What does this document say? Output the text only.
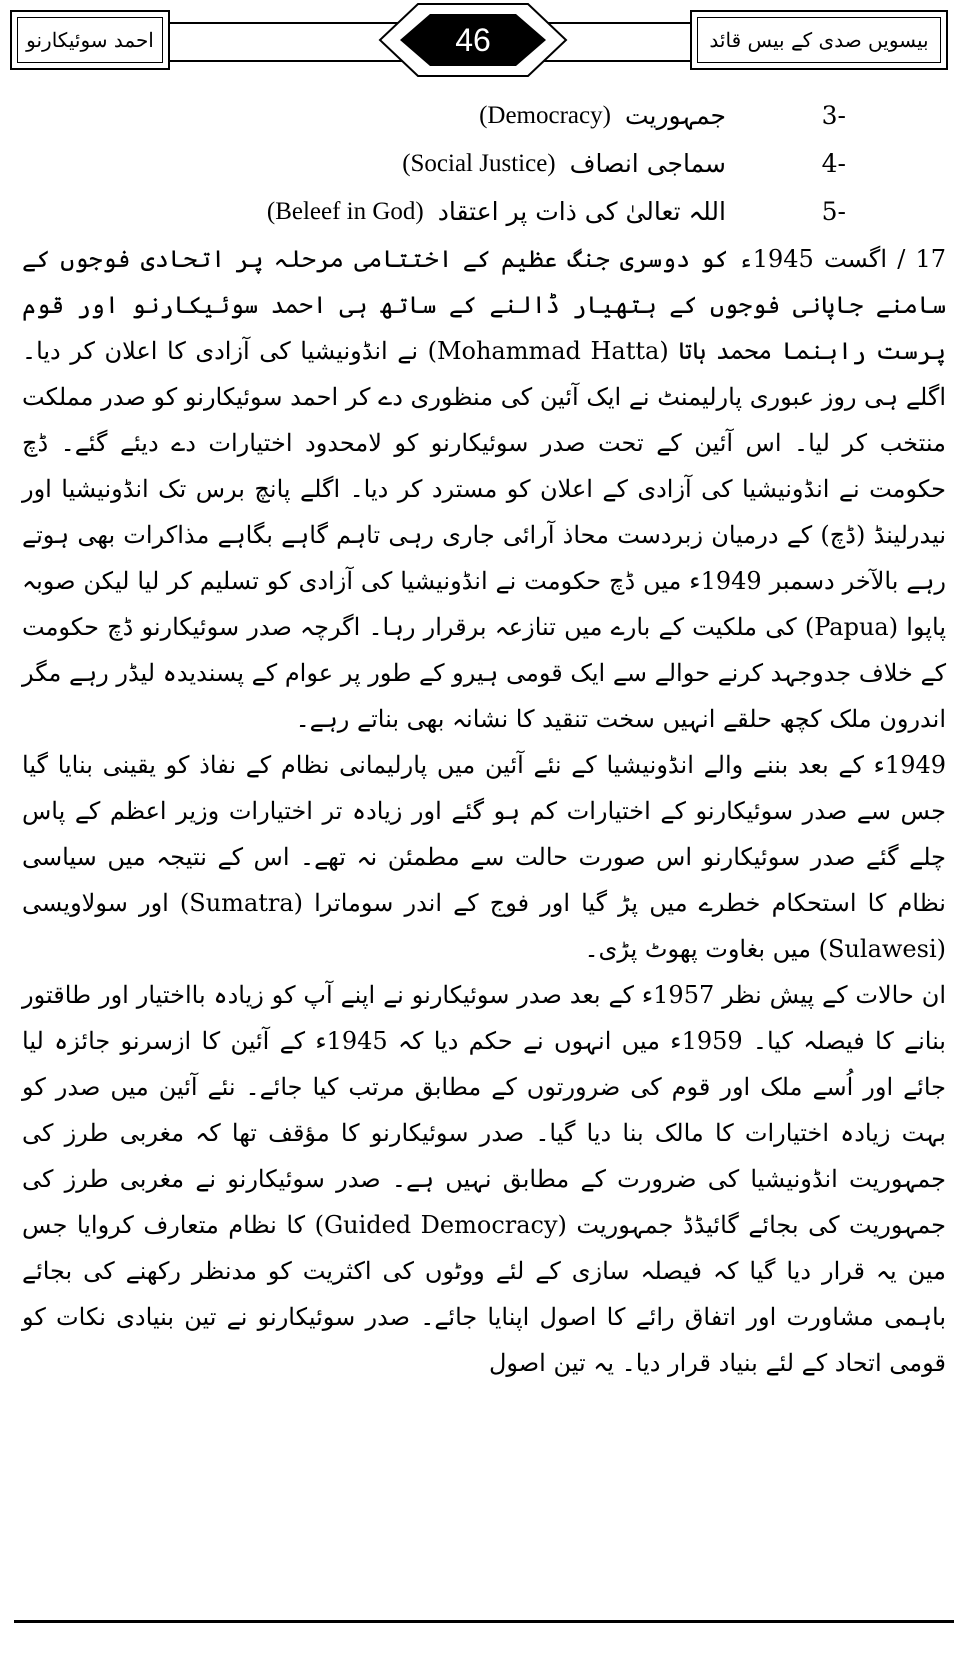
بیسویں صدی کے بیس قائد
46
احمد سوئیکارنو
3-
جمہوریت
(Democracy)
4-
سماجی انصاف
(Social Justice)
5-
اللہ تعالیٰ کی ذات پر اعتقاد
(Beleef in God)

17 / اگست 1945ء کو دوسری جنگ عظیم کے اختتامی مرحلہ پر اتحادی فوجوں کے سامنے جاپانی فوجوں کے ہتھیار ڈالنے کے ساتھ ہی احمد سوئیکارنو اور قوم پرست راہنما محمد ہاتا (Mohammad Hatta) نے انڈونیشیا کی آزادی کا اعلان کر دیا۔ اگلے ہی روز عبوری پارلیمنٹ نے ایک آئین کی منظوری دے کر احمد سوئیکارنو کو صدر مملکت منتخب کر لیا۔ اس آئین کے تحت صدر سوئیکارنو کو لامحدود اختیارات دے دیئے گئے۔ ڈچ حکومت نے انڈونیشیا کی آزادی کے اعلان کو مسترد کر دیا۔ اگلے پانچ برس تک انڈونیشیا اور نیدرلینڈ (ڈچ) کے درمیان زبردست محاذ آرائی جاری رہی تاہم گاہے بگاہے مذاکرات بھی ہوتے رہے بالآخر دسمبر 1949ء میں ڈچ حکومت نے انڈونیشیا کی آزادی کو تسلیم کر لیا لیکن صوبہ پاپوا (Papua) کی ملکیت کے بارے میں تنازعہ برقرار رہا۔ اگرچہ صدر سوئیکارنو ڈچ حکومت کے خلاف جدوجہد کرنے حوالے سے ایک قومی ہیرو کے طور پر عوام کے پسندیدہ لیڈر رہے مگر اندرون ملک کچھ حلقے انہیں سخت تنقید کا نشانہ بھی بناتے رہے۔

1949ء کے بعد بننے والے انڈونیشیا کے نئے آئین میں پارلیمانی نظام کے نفاذ کو یقینی بنایا گیا جس سے صدر سوئیکارنو کے اختیارات کم ہو گئے اور زیادہ تر اختیارات وزیر اعظم کے پاس چلے گئے صدر سوئیکارنو اس صورت حالت سے مطمئن نہ تھے۔ اس کے نتیجہ میں سیاسی نظام کا استحکام خطرے میں پڑ گیا اور فوج کے اندر سوماترا (Sumatra) اور سولاویسی (Sulawesi) میں بغاوت پھوٹ پڑی۔

ان حالات کے پیش نظر 1957ء کے بعد صدر سوئیکارنو نے اپنے آپ کو زیادہ بااختیار اور طاقتور بنانے کا فیصلہ کیا۔ 1959ء میں انہوں نے حکم دیا کہ 1945ء کے آئین کا ازسرنو جائزہ لیا جائے اور اُسے ملک اور قوم کی ضرورتوں کے مطابق مرتب کیا جائے۔ نئے آئین میں صدر کو بہت زیادہ اختیارات کا مالک بنا دیا گیا۔ صدر سوئیکارنو کا مؤقف تھا کہ مغربی طرز کی جمہوریت انڈونیشیا کی ضرورت کے مطابق نہیں ہے۔ صدر سوئیکارنو نے مغربی طرز کی جمہوریت کی بجائے گائیڈڈ جمہوریت (Guided Democracy) کا نظام متعارف کروایا جس مین یہ قرار دیا گیا کہ فیصلہ سازی کے لئے ووٹوں کی اکثریت کو مدنظر رکھنے کی بجائے باہمی مشاورت اور اتفاق رائے کا اصول اپنایا جائے۔ صدر سوئیکارنو نے تین بنیادی نکات کو قومی اتحاد کے لئے بنیاد قرار دیا۔ یہ تین اصول
